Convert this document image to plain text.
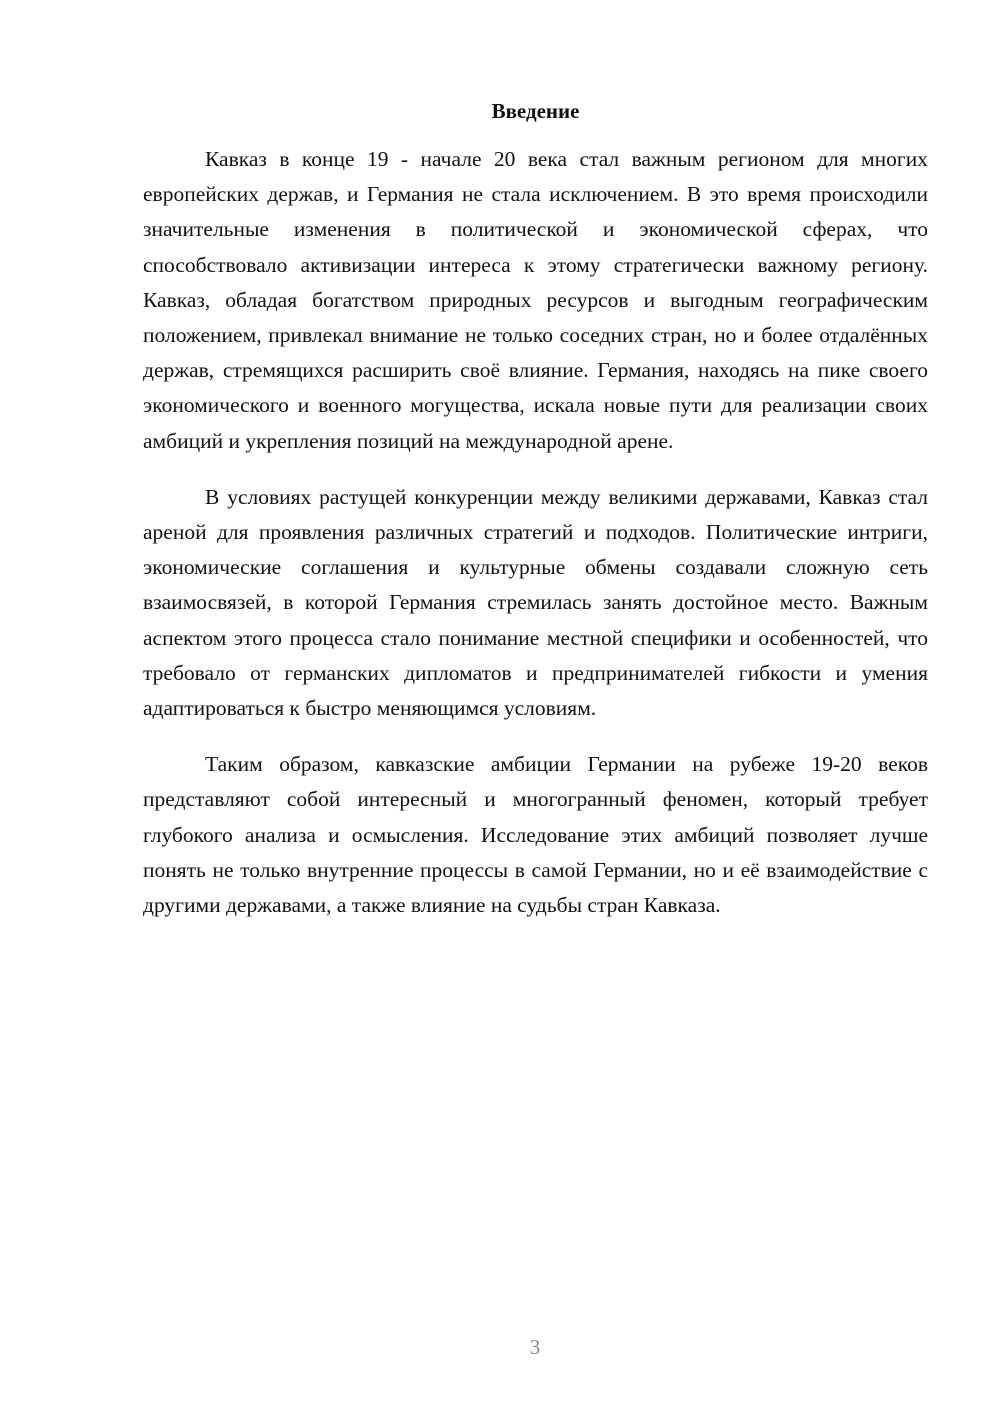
Введение

Кавказ в конце 19 - начале 20 века стал важным регионом для многих европейских держав, и Германия не стала исключением. В это время происходили значительные изменения в политической и экономической сферах, что способствовало активизации интереса к этому стратегически важному региону. Кавказ, обладая богатством природных ресурсов и выгодным географическим положением, привлекал внимание не только соседних стран, но и более отдалённых держав, стремящихся расширить своё влияние. Германия, находясь на пике своего экономического и военного могущества, искала новые пути для реализации своих амбиций и укрепления позиций на международной арене.

В условиях растущей конкуренции между великими державами, Кавказ стал ареной для проявления различных стратегий и подходов. Политические интриги, экономические соглашения и культурные обмены создавали сложную сеть взаимосвязей, в которой Германия стремилась занять достойное место. Важным аспектом этого процесса стало понимание местной специфики и особенностей, что требовало от германских дипломатов и предпринимателей гибкости и умения адаптироваться к быстро меняющимся условиям.

Таким образом, кавказские амбиции Германии на рубеже 19-20 веков представляют собой интересный и многогранный феномен, который требует глубокого анализа и осмысления. Исследование этих амбиций позволяет лучше понять не только внутренние процессы в самой Германии, но и её взаимодействие с другими державами, а также влияние на судьбы стран Кавказа.

3
